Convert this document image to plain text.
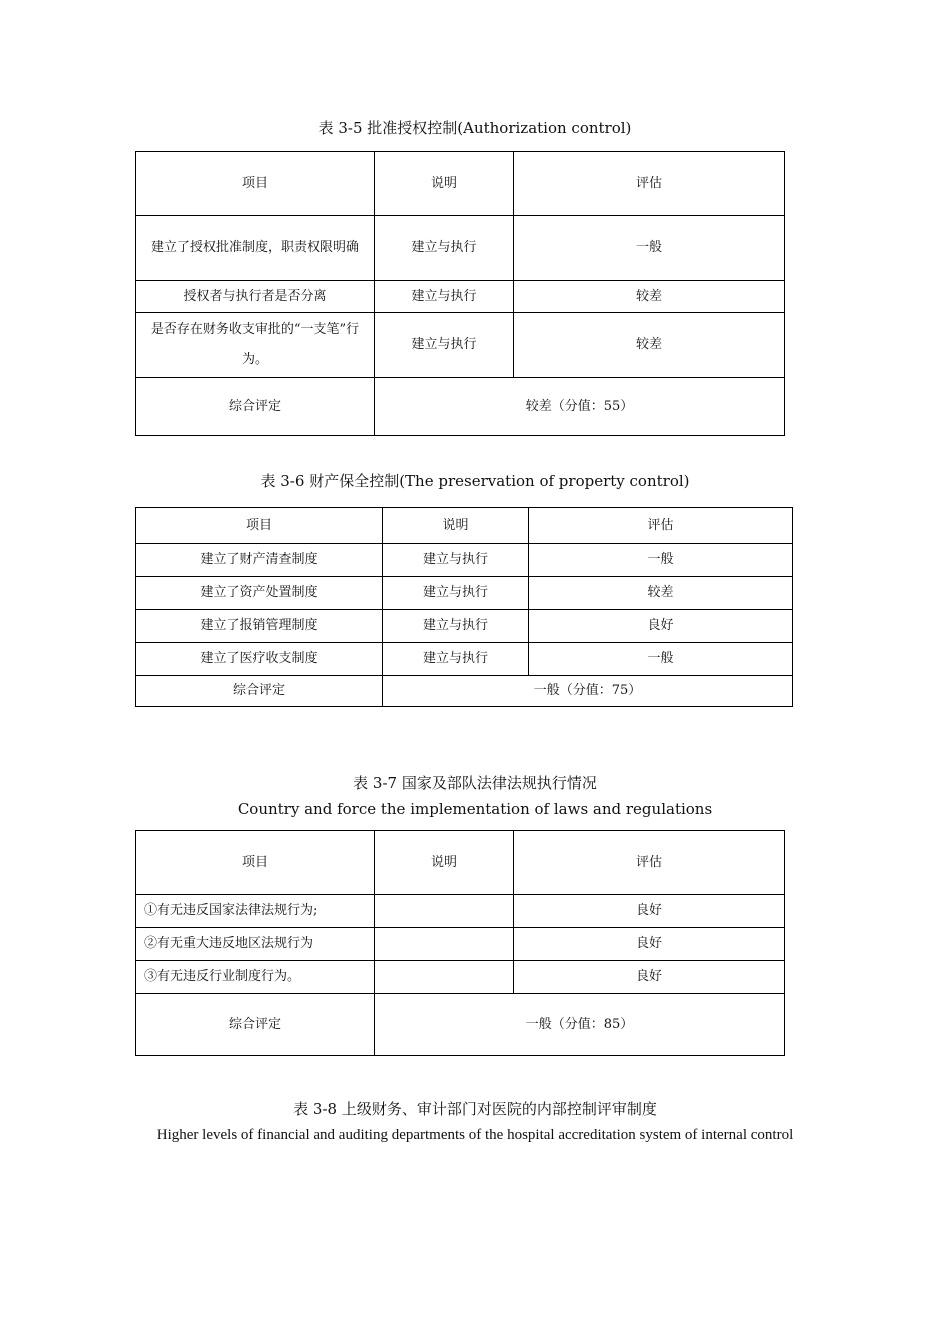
表 3-5 批准授权控制(Authorization control)
项目	说明	评估
建立了授权批准制度，职责权限明确	建立与执行	一般
授权者与执行者是否分离	建立与执行	较差
是否存在财务收支审批的“一支笔”行为。	建立与执行	较差
综合评定	较差（分值：55）	
表 3-6 财产保全控制(The preservation of property control)
项目	说明	评估
建立了财产清查制度	建立与执行	一般
建立了资产处置制度	建立与执行	较差
建立了报销管理制度	建立与执行	良好
建立了医疗收支制度	建立与执行	一般
综合评定	一般（分值：75）	
表 3-7 国家及部队法律法规执行情况
Country and force the implementation of laws and regulations
项目	说明	评估
①有无违反国家法律法规行为;		良好
②有无重大违反地区法规行为		良好
③有无违反行业制度行为。		良好
综合评定	一般（分值：85）	
表 3-8 上级财务、审计部门对医院的内部控制评审制度
Higher levels of financial and auditing departments of the hospital accreditation system of internal control
